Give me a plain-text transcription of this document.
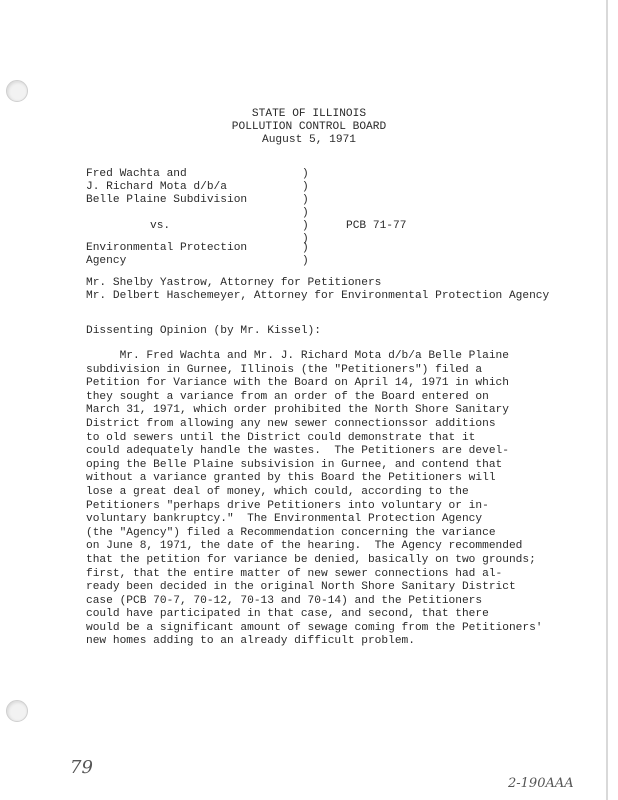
STATE OF ILLINOIS
POLLUTION CONTROL BOARD
August 5, 1971
Fred Wachta and
J. Richard Mota d/b/a
Belle Plaine Subdivision
vs.
Environmental Protection
Agency
)
)
)
)
)
)
)
)
PCB 71-77
Mr. Shelby Yastrow, Attorney for Petitioners
Mr. Delbert Haschemeyer, Attorney for Environmental Protection Agency
Dissenting Opinion (by Mr. Kissel):
Mr. Fred Wachta and Mr. J. Richard Mota d/b/a Belle Plaine
subdivision in Gurnee, Illinois (the "Petitioners") filed a
Petition for Variance with the Board on April 14, 1971 in which
they sought a variance from an order of the Board entered on
March 31, 1971, which order prohibited the North Shore Sanitary
District from allowing any new sewer connectionssor additions
to old sewers until the District could demonstrate that it
could adequately handle the wastes.  The Petitioners are devel-
oping the Belle Plaine subsivision in Gurnee, and contend that
without a variance granted by this Board the Petitioners will
lose a great deal of money, which could, according to the
Petitioners "perhaps drive Petitioners into voluntary or in-
voluntary bankruptcy."  The Environmental Protection Agency
(the "Agency") filed a Recommendation concerning the variance
on June 8, 1971, the date of the hearing.  The Agency recommended
that the petition for variance be denied, basically on two grounds;
first, that the entire matter of new sewer connections had al-
ready been decided in the original North Shore Sanitary District
case (PCB 70-7, 70-12, 70-13 and 70-14) and the Petitioners
could have participated in that case, and second, that there
would be a significant amount of sewage coming from the Petitioners'
new homes adding to an already difficult problem.
79
2-190AAA
